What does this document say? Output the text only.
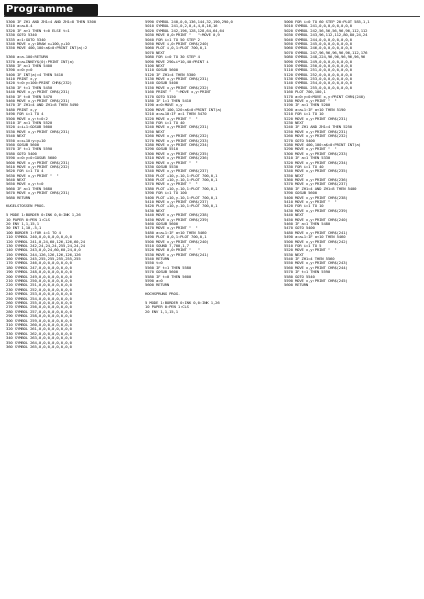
Programme
5300 IF ZH1 AND ZH1=4 AND ZH1=8 THEN 5300
5310 a=a+0.4
5320 IF a>1 THEN t=0 ELSE t=1
5330 GOTO 5340
5335 a=1:GOTO 5340
5340 MOVE x,y:DRAW x+100,y+10
5350 MOVE 400,100:a$=0:PRINT INT(a):2
5360 a=a-100:RETURN
5370 a=a+INKEY$(0):PRINT INT(a)
5380 IF a=1 THEN 5400
5390 x=0:y=0
5400 IF INT(a)=4 THEN 5410
5410 PRINT x,y
5420 t=0:y=100:PRINT CHR$(232)
5430 IF t=1 THEN 5450
5440 MOVE x,y:PRINT CHR$(231)
5450 IF t=0 THEN 5470
5460 MOVE x,y:PRINT CHR$(231)
5470 IF ZH1=4 AND ZH1=8 THEN 5490
5480 PRINT x,y
5490 FOR i=1 TO 4
5500 MOVE x,y:t=0:2
5510 IF a=1 THEN 5520
5520 i=i+1:GOSUB 5600
5530 MOVE x,y:PRINT CHR$(231)
5540 NEXT
5550 x=x+10:y=y+10
5560 GOSUB 5600
5570 IF t=1 THEN 5590
5580 GOTO 5400
5590 x=0:y=0:GOSUB 5600
5600 MOVE x,y:PRINT CHR$(231)
5610 MOVE x,y:PRINT CHR$(232)
5620 FOR i=1 TO 4
5630 MOVE x,y:PRINT "  "
5640 NEXT
5650 MOVE x,y:t=0
5660 IF a=1 THEN 5680
5670 MOVE x,y:PRINT CHR$(231)
5680 RETURN
KUGELSTOSSEN PROG.
5 MODE 1:BORDER 0:INK 0,0:INK 1,26
10 PAPER 0:PEN 1:CLS
20 ENV 1,1,15,1
30 ENT 1,10,-5,1
100 BORDER 1:FOR i=1 TO 4
110 SYMBOL 240,0,0,0,0,0,0,0,0
120 SYMBOL 241,0,24,60,126,126,60,24
130 SYMBOL 242,24,24,24,255,24,24,24
140 SYMBOL 243,0,0,24,60,60,24,0,0
150 SYMBOL 244,126,126,126,126,126
160 SYMBOL 245,255,255,255,255,255
170 SYMBOL 246,0,0,0,0,0,0,0,0
180 SYMBOL 247,0,0,0,0,0,0,0,0
190 SYMBOL 248,0,0,0,0,0,0,0,0
200 SYMBOL 249,0,0,0,0,0,0,0,0
210 SYMBOL 250,0,0,0,0,0,0,0,0
220 SYMBOL 251,0,0,0,0,0,0,0,0
230 SYMBOL 252,0,0,0,0,0,0,0,0
240 SYMBOL 253,0,0,0,0,0,0,0,0
250 SYMBOL 254,0,0,0,0,0,0,0,0
260 SYMBOL 255,0,0,0,0,0,0,0,0
270 SYMBOL 256,0,0,0,0,0,0,0,0
280 SYMBOL 257,0,0,0,0,0,0,0,0
290 SYMBOL 258,0,0,0,0,0,0,0,0
300 SYMBOL 259,0,0,0,0,0,0,0,0
310 SYMBOL 260,0,0,0,0,0,0,0,0
320 SYMBOL 261,0,0,0,0,0,0,0,0
330 SYMBOL 262,0,0,0,0,0,0,0,0
340 SYMBOL 263,0,0,0,0,0,0,0,0
350 SYMBOL 264,0,0,0,0,0,0,0,0
360 SYMBOL 265,0,0,0,0,0,0,0,0
5990 SYMBOL 240,0,0,136,144,32,190,290,0
5010 SYMBOL 241,0,2,0,4,4,8,16,16
5020 SYMBOL 242,196,128,128,64,64,64
5030 MOVE 0,0:PRINT "   ":MOVE 0,9
5040 FOR i=1 TO 50 STEP 2
5050 MOVE i,0:PRINT CHR$(240)
5060 PLOT i,0,1:PLOT 700,0,1
5070 NEXT
5080 FOR i=0 TO 30 STEP 4
5090 MOVE 290+i*10,40:PRINT i
5100 NEXT
5110 GOSUB 5600
5120 IF ZH1=4 THEN 5300
5130 MOVE x,y:PRINT CHR$(231)
5140 GOSUB 5400
5150 MOVE x,y:PRINT CHR$(232)
5160 PRINT "  ":MOVE x,y:PRINT
5170 GOTO 5150
5180 IF 1=1 THEN 5410
5190 a=0:MOVE x,y
5200 MOVE 100,120:a$=0:PRINT INT(a)
5210 a=a+10:IF a=1 THEN 5470
5220 MOVE x,y:PRINT "  "
5230 FOR i=1 TO 40
5240 MOVE x,y:PRINT CHR$(231)
5250 NEXT
5260 MOVE x,y:PRINT CHR$(232)
5270 MOVE x,y:PRINT CHR$(233)
5280 MOVE x,y:PRINT CHR$(234)
5290 GOSUB 5510
5300 MOVE x,y:PRINT CHR$(235)
5310 MOVE x,y:PRINT CHR$(236)
5320 MOVE x,y:PRINT "  "
5330 GOSUB 5530
5340 MOVE x,y:PRINT CHR$(237)
5350 PLOT +10,y-10,1:PLOT 700,0,1
5360 PLOT +10,y-10,1:PLOT 700,0,1
5370 MOVE x,y:PRINT "  "
5380 PLOT +10,y-10,1:PLOT 700,0,1
5390 FOR i=1 TO 100
5400 PLOT +10,y-10,1:PLOT 700,0,1
5410 MOVE x,y:PRINT CHR$(237)
5420 PLOT +10,y-10,1:PLOT 700,0,1
5430 NEXT
5440 MOVE x,y:PRINT CHR$(238)
5450 MOVE x,y:PRINT CHR$(239)
5460 GOSUB 5600
5470 MOVE x,y:PRINT "  "
5480 a=a+1:IF a<10 THEN 5460
5490 PLOT 0,0,1:PLOT 700,0,1
5500 MOVE x,y:PRINT CHR$(240)
5510 SOUND 7,700,1,7
5520 MOVE 0,0:PRINT "   "
5530 MOVE x,y:PRINT CHR$(241)
5540 RETURN
5550 t=0
5560 IF t=1 THEN 5580
5570 GOSUB 5600
5580 IF t=0 THEN 5600
5590 a=0
5600 RETURN
HOCHSPRUNG PROG.
5 MODE 1:BORDER 0:INK 0,0:INK 1,26
10 PAPER 0:PEN 1:CLS
20 ENV 1,1,15,1
5000 FOR i=0 TO 60 STEP 20:PLOT 585,1,1
5010 SYMBOL 241,0,0,0,0,0,0,0,0
5020 SYMBOL 242,56,56,56,96,96,112,112
5030 SYMBOL 243,96,112,112,80,80,24,24
5040 SYMBOL 244,0,0,0,0,0,0,0,0
5050 SYMBOL 245,0,0,0,0,0,0,0,0
5060 SYMBOL 246,0,0,0,0,0,0,0,0
5070 SYMBOL 247,96,96,96,96,96,112,176
5080 SYMBOL 248,224,96,96,96,96,96,96
5090 SYMBOL 249,0,0,0,0,0,0,0,0
5100 SYMBOL 250,0,0,0,0,0,0,0,0
5110 SYMBOL 251,0,0,0,0,0,0,0,0
5120 SYMBOL 252,0,0,0,0,0,0,0,0
5130 SYMBOL 253,0,0,0,0,0,0,0,0
5140 SYMBOL 254,0,0,0,0,0,0,0,0
5150 SYMBOL 255,0,0,0,0,0,0,0,0
5160 PLOT 700,100,1
5170 a=0:y=0:MOVE x,y:PRINT CHR$(240)
5180 MOVE x,y:PRINT "  "
5190 IF a=1 THEN 5200
5200 a=a+1:IF a<10 THEN 5190
5210 FOR i=1 TO 10
5220 MOVE x,y:PRINT CHR$(231)
5230 NEXT
5240 IF ZH1 AND ZH1=4 THEN 5250
5250 MOVE x,y:PRINT CHR$(231)
5260 MOVE x,y:PRINT CHR$(232)
5270 GOTO 5400
5280 MOVE 400,100:a$=0:PRINT INT(a)
5290 MOVE x,y:PRINT "  "
5300 MOVE x,y:PRINT CHR$(233)
5310 IF a=1 THEN 5330
5320 MOVE x,y:PRINT CHR$(234)
5330 FOR i=1 TO 40
5340 MOVE x,y:PRINT CHR$(235)
5350 NEXT
5360 MOVE x,y:PRINT CHR$(236)
5370 MOVE x,y:PRINT CHR$(237)
5380 IF ZH1=4 AND ZH1=8 THEN 5400
5390 GOSUB 5600
5400 MOVE x,y:PRINT CHR$(238)
5410 MOVE x,y:PRINT "  "
5420 FOR i=1 TO 10
5430 MOVE x,y:PRINT CHR$(239)
5440 NEXT
5450 MOVE x,y:PRINT CHR$(240)
5460 IF a=1 THEN 5480
5470 GOTO 5400
5480 MOVE x,y:PRINT CHR$(241)
5490 a=a+1:IF a<10 THEN 5460
5500 MOVE x,y:PRINT CHR$(242)
5510 FOR i=1 TO 5
5520 MOVE x,y:PRINT "  "
5530 NEXT
5540 IF ZH1=4 THEN 5560
5550 MOVE x,y:PRINT CHR$(243)
5560 MOVE x,y:PRINT CHR$(244)
5570 IF t=1 THEN 5590
5580 GOTO 5540
5590 MOVE x,y:PRINT CHR$(245)
5600 RETURN
